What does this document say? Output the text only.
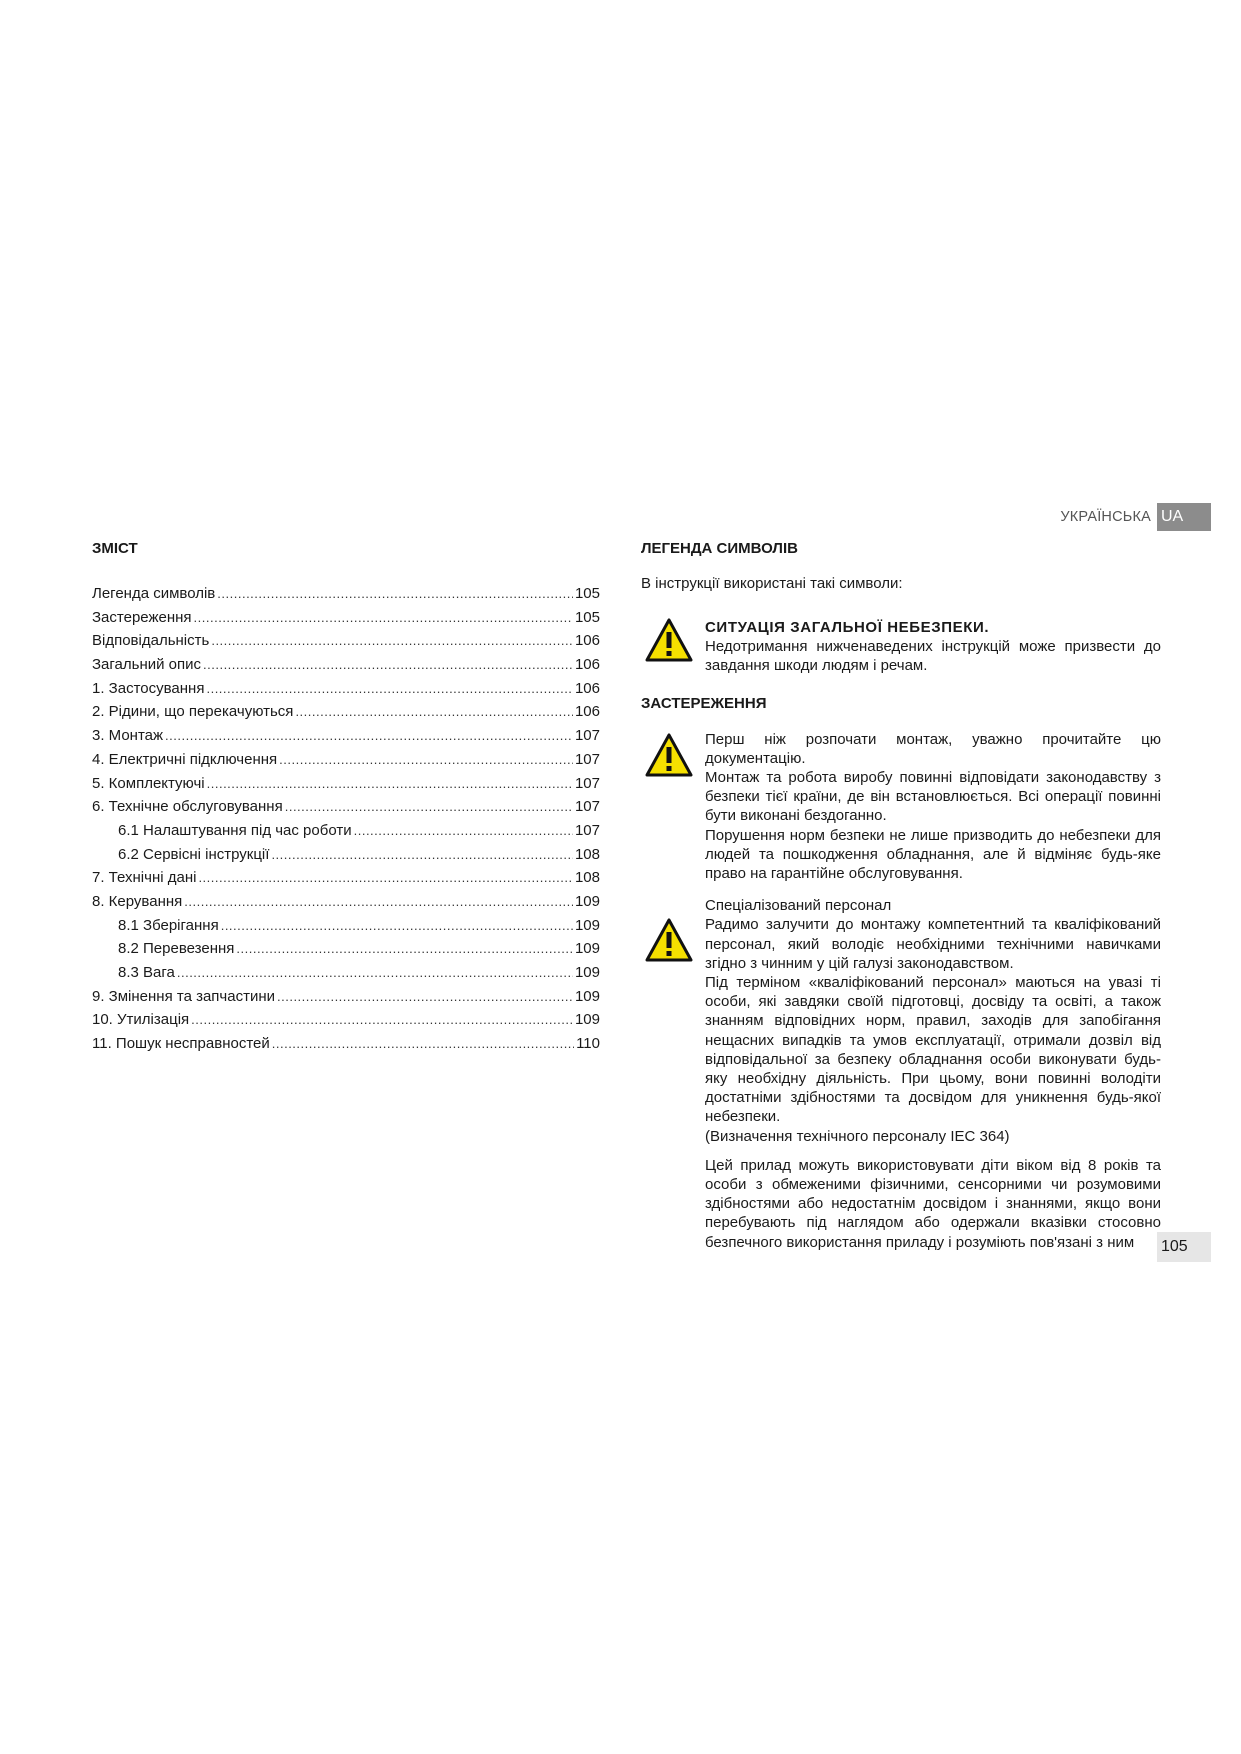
УКРАЇНСЬКА UA
ЗМІСТ
Легенда символів .....	105
Застереження .....	105
Відповідальність .....	106
Загальний опис .....	106
1. Застосування .....	106
2. Рідини, що перекачуються .....	106
3. Монтаж .....	107
4. Електричні підключення .....	107
5. Комплектуючі .....	107
6. Технічне обслуговування .....	107
6.1 Налаштування під час роботи .....	107
6.2 Сервісні інструкції .....	108
7. Технічні дані .....	108
8. Керування .....	109
8.1 Зберігання .....	109
8.2 Перевезення .....	109
8.3 Вага .....	109
9. Змінення та запчастини .....	109
10. Утилізація .....	109
11. Пошук несправностей .....	110
ЛЕГЕНДА СИМВОЛІВ

В інструкції використані такі символи:

СИТУАЦІЯ ЗАГАЛЬНОЇ НЕБЕЗПЕКИ.

Недотримання нижченаведених інструкцій може призвести до завдання шкоди людям і речам.

ЗАСТЕРЕЖЕННЯ

Перш ніж розпочати монтаж, уважно прочитайте цю документацію.

Монтаж та робота виробу повинні відповідати законодавству з безпеки тієї країни, де він встановлюється. Всі операції повинні бути виконані бездоганно.

Порушення норм безпеки не лише призводить до небезпеки для людей та пошкодження обладнання, але й відміняє будь-яке право на гарантійне обслуговування.

Спеціалізований персонал

Радимо залучити до монтажу компетентний та кваліфікований персонал, який володіє необхідними технічними навичками згідно з чинним у цій галузі законодавством.

Під терміном «кваліфікований персонал» маються на увазі ті особи, які завдяки своїй підготовці, досвіду та освіті, а також знанням відповідних норм, правил, заходів для запобігання нещасних випадків та умов експлуатації, отримали дозвіл від відповідальної за безпеку обладнання особи виконувати будь-яку необхідну діяльність. При цьому, вони повинні володіти достатніми здібностями та досвідом для уникнення будь-якої небезпеки.

(Визначення технічного персоналу IEC 364)

Цей прилад можуть використовувати діти віком від 8 років та особи з обмеженими фізичними, сенсорними чи розумовими здібностями або недостатнім досвідом і знаннями, якщо вони перебувають під наглядом або одержали вказівки стосовно безпечного використання приладу і розуміють пов'язані з ним	105
